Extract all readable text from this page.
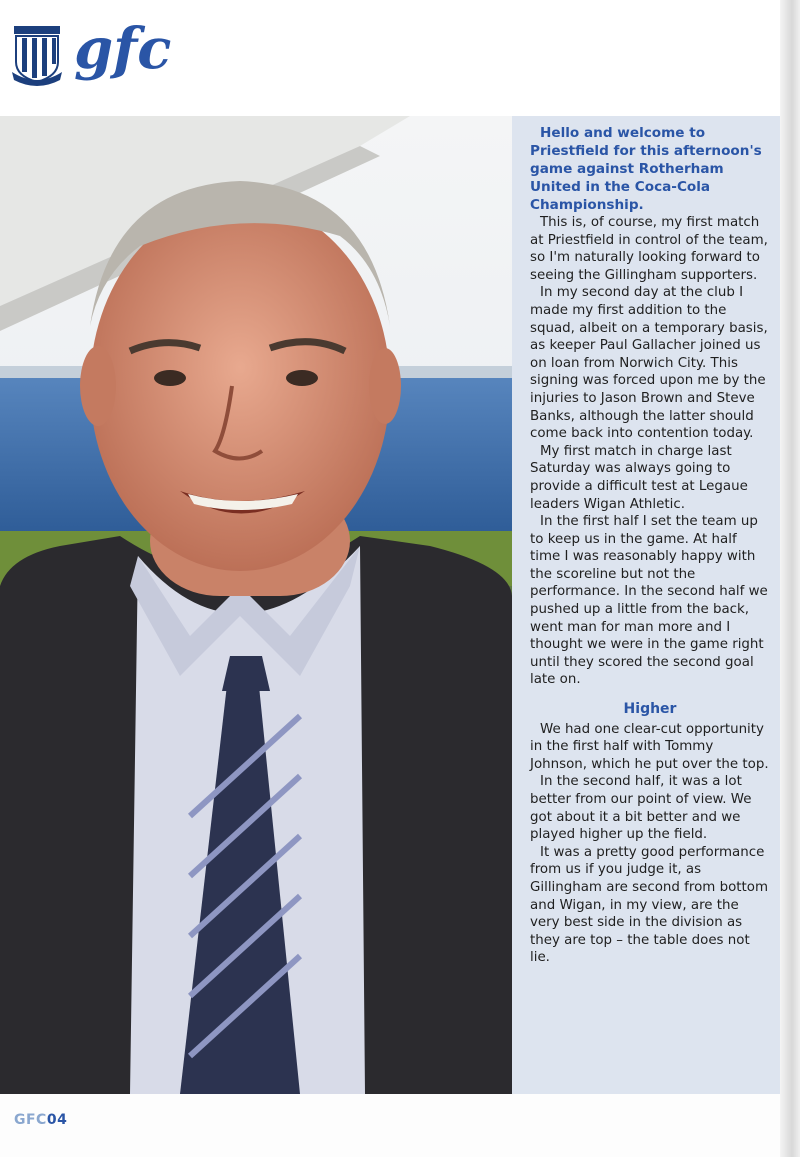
gfc

Hello and welcome to Priestfield for this afternoon's game against Rotherham United in the Coca-Cola Championship.

This is, of course, my first match at Priestfield in control of the team, so I'm naturally looking forward to seeing the Gillingham supporters.

In my second day at the club I made my first addition to the squad, albeit on a temporary basis, as keeper Paul Gallacher joined us on loan from Norwich City. This signing was forced upon me by the injuries to Jason Brown and Steve Banks, although the latter should come back into contention today.

My first match in charge last Saturday was always going to provide a difficult test at Legaue leaders Wigan Athletic.

In the first half I set the team up to keep us in the game. At half time I was reasonably happy with the scoreline but not the performance. In the second half we pushed up a little from the back, went man for man more and I thought we were in the game right until they scored the second goal late on.

Higher

We had one clear-cut opportunity in the first half with Tommy Johnson, which he put over the top.

In the second half, it was a lot better from our point of view. We got about it a bit better and we played higher up the field.

It was a pretty good performance from us if you judge it, as Gillingham are second from bottom and Wigan, in my view, are the very best side in the division as they are top – the table does not lie.

GFC04
